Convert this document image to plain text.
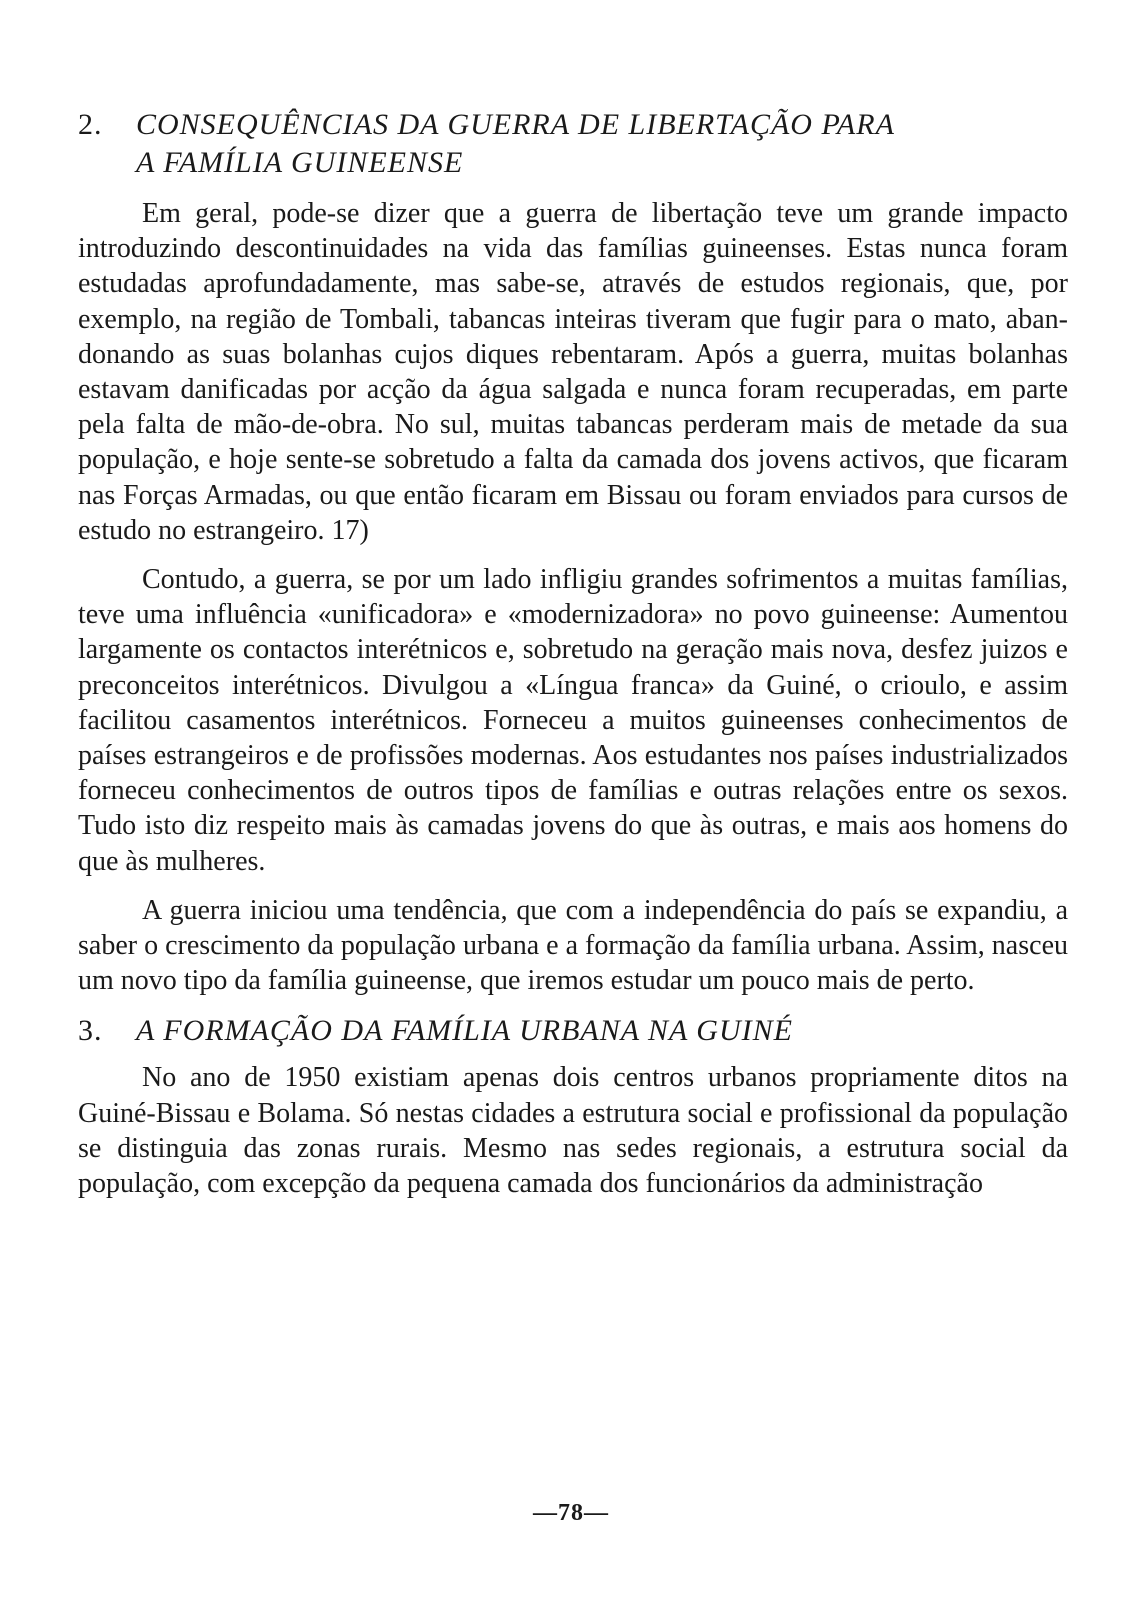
2.	CONSEQUÊNCIAS DA GUERRA DE LIBERTAÇÃO PARA
A FAMÍLIA GUINEENSE

Em geral, pode-se dizer que a guerra de libertação teve um grande impacto introduzindo descontinuidades na vida das famílias guineenses. Estas nunca foram estudadas aprofundadamente, mas sabe-se, através de estudos regionais, que, por exemplo, na região de Tombali, tabancas inteiras tiveram que fugir para o mato, abandonando as suas bolanhas cujos diques rebentaram. Após a guerra, muitas bolanhas estavam danificadas por acção da água salgada e nunca foram recuperadas, em parte pela falta de mão-de-obra. No sul, muitas tabancas perderam mais de metade da sua população, e hoje sente-se sobretudo a falta da camada dos jovens activos, que ficaram nas Forças Armadas, ou que então ficaram em Bissau ou foram enviados para cursos de estudo no estrangeiro. 17)

Contudo, a guerra, se por um lado infligiu grandes sofrimentos a muitas famílias, teve uma influência «unificadora» e «modernizadora» no povo guineense: Aumentou largamente os contactos interétnicos e, sobretudo na geração mais nova, desfez juizos e preconceitos interétnicos. Divulgou a «Língua franca» da Guiné, o crioulo, e assim facilitou casamentos interétnicos. Forneceu a muitos guineenses conhecimentos de países estrangeiros e de profissões modernas. Aos estudantes nos países industrializados forneceu conhecimentos de outros tipos de famílias e outras relações entre os sexos. Tudo isto diz respeito mais às camadas jovens do que às outras, e mais aos homens do que às mulheres.

A guerra iniciou uma tendência, que com a independência do país se expandiu, a saber o crescimento da população urbana e a formação da família urbana. Assim, nasceu um novo tipo da família guineense, que iremos estudar um pouco mais de perto.

3.	A FORMAÇÃO DA FAMÍLIA URBANA NA GUINÉ

No ano de 1950 existiam apenas dois centros urbanos propriamente ditos na Guiné-Bissau e Bolama. Só nestas cidades a estrutura social e profissional da população se distinguia das zonas rurais. Mesmo nas sedes regionais, a estrutura social da população, com excepção da pequena camada dos funcionários da administração

—78—
